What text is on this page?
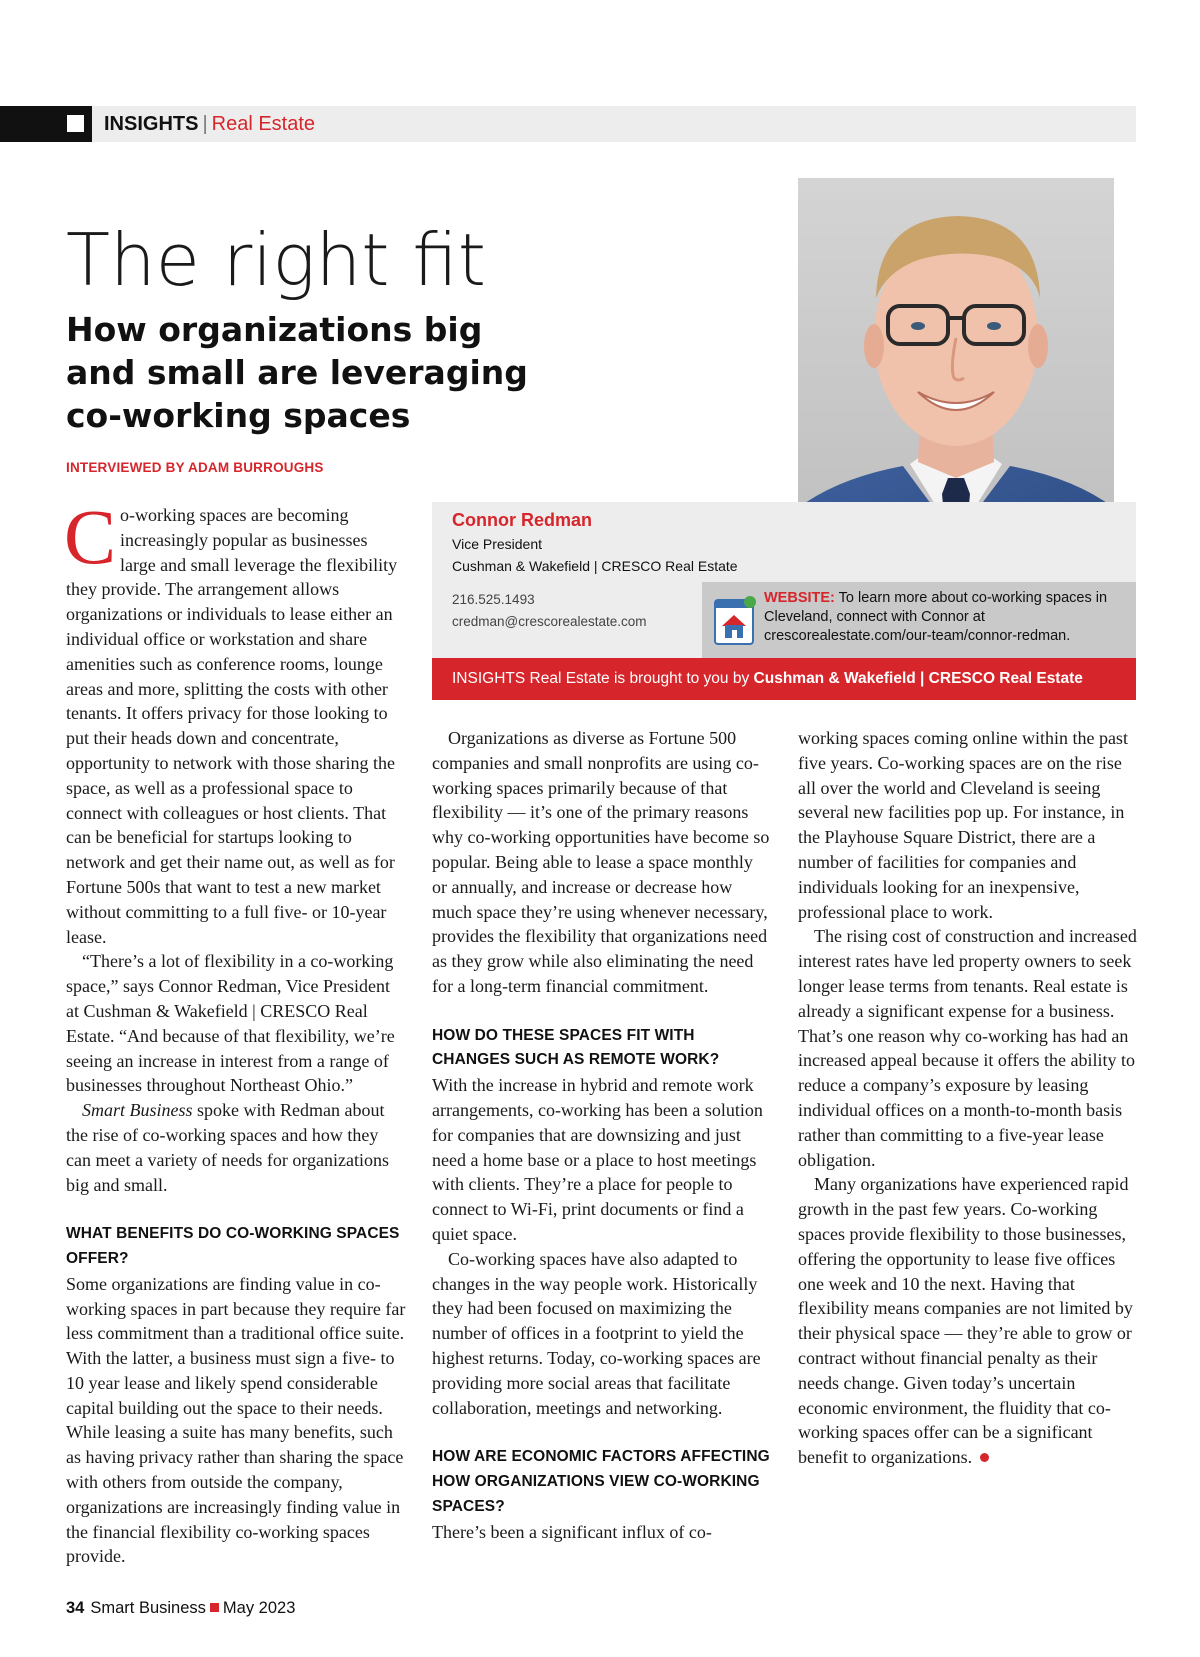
INSIGHTS | Real Estate
The right fit
How organizations big and small are leveraging co-working spaces
INTERVIEWED BY ADAM BURROUGHS
Connor Redman
Vice President
Cushman & Wakefield | CRESCO Real Estate
216.525.1493
credman@crescorealestate.com
WEBSITE: To learn more about co-working spaces in Cleveland, connect with Connor at crescorealestate.com/our-team/connor-redman.
INSIGHTS Real Estate is brought to you by Cushman & Wakefield | CRESCO Real Estate

Co-working spaces are becoming increasingly popular as businesses large and small leverage the flexibility they provide. The arrangement allows organizations or individuals to lease either an individual office or workstation and share amenities such as conference rooms, lounge areas and more, splitting the costs with other tenants. It offers privacy for those looking to put their heads down and concentrate, opportunity to network with those sharing the space, as well as a professional space to connect with colleagues or host clients. That can be beneficial for startups looking to network and get their name out, as well as for Fortune 500s that want to test a new market without committing to a full five- or 10-year lease.

“There’s a lot of flexibility in a co-working space,” says Connor Redman, Vice President at Cushman & Wakefield | CRESCO Real Estate. “And because of that flexibility, we’re seeing an increase in interest from a range of businesses throughout Northeast Ohio.”

Smart Business spoke with Redman about the rise of co-working spaces and how they can meet a variety of needs for organizations big and small.

WHAT BENEFITS DO CO-WORKING SPACES OFFER?

Some organizations are finding value in co-working spaces in part because they require far less commitment than a traditional office suite. With the latter, a business must sign a five- to 10 year lease and likely spend considerable capital building out the space to their needs. While leasing a suite has many benefits, such as having privacy rather than sharing the space with others from outside the company, organizations are increasingly finding value in the financial flexibility co-working spaces provide.

Organizations as diverse as Fortune 500 companies and small nonprofits are using co-working spaces primarily because of that flexibility — it’s one of the primary reasons why co-working opportunities have become so popular. Being able to lease a space monthly or annually, and increase or decrease how much space they’re using whenever necessary, provides the flexibility that organizations need as they grow while also eliminating the need for a long-term financial commitment.

HOW DO THESE SPACES FIT WITH CHANGES SUCH AS REMOTE WORK?

With the increase in hybrid and remote work arrangements, co-working has been a solution for companies that are downsizing and just need a home base or a place to host meetings with clients. They’re a place for people to connect to Wi-Fi, print documents or find a quiet space.

Co-working spaces have also adapted to changes in the way people work. Historically they had been focused on maximizing the number of offices in a footprint to yield the highest returns. Today, co-working spaces are providing more social areas that facilitate collaboration, meetings and networking.

HOW ARE ECONOMIC FACTORS AFFECTING HOW ORGANIZATIONS VIEW CO-WORKING SPACES?

There’s been a significant influx of co-

working spaces coming online within the past five years. Co-working spaces are on the rise all over the world and Cleveland is seeing several new facilities pop up. For instance, in the Playhouse Square District, there are a number of facilities for companies and individuals looking for an inexpensive, professional place to work.

The rising cost of construction and increased interest rates have led property owners to seek longer lease terms from tenants. Real estate is already a significant expense for a business. That’s one reason why co-working has had an increased appeal because it offers the ability to reduce a company’s exposure by leasing individual offices on a month-to-month basis rather than committing to a five-year lease obligation.

Many organizations have experienced rapid growth in the past few years. Co-working spaces provide flexibility to those businesses, offering the opportunity to lease five offices one week and 10 the next. Having that flexibility means companies are not limited by their physical space — they’re able to grow or contract without financial penalty as their needs change. Given today’s uncertain economic environment, the fluidity that co-working spaces offer can be a significant benefit to organizations.

34 Smart Business May 2023
